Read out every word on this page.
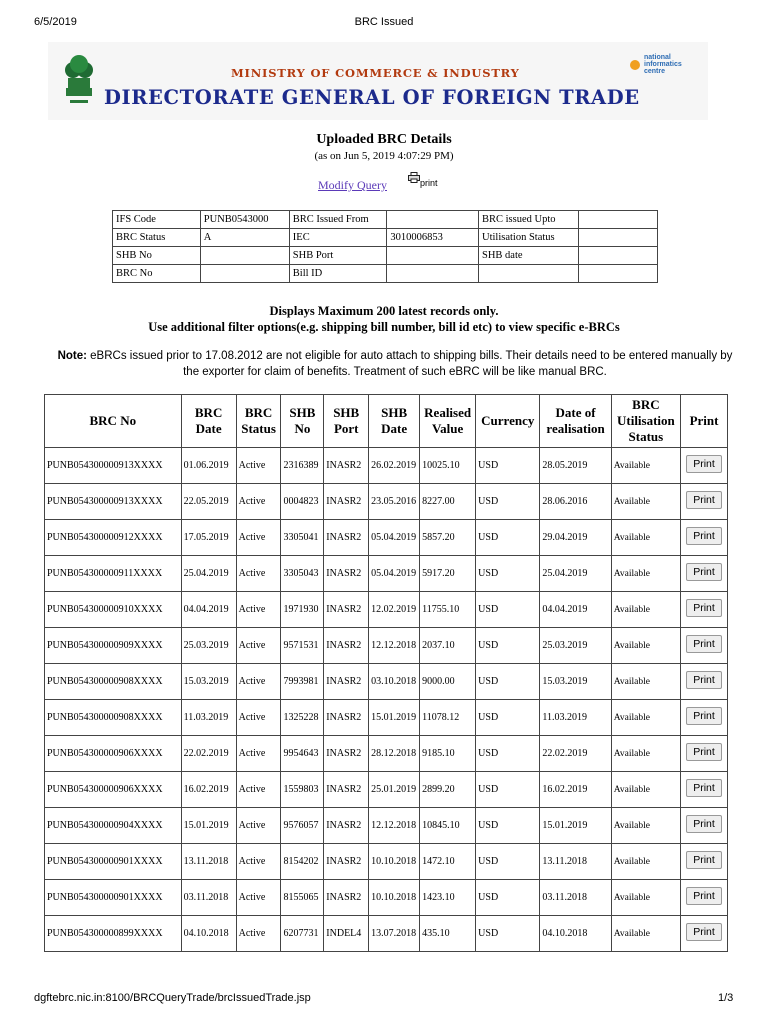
6/5/2019	BRC Issued
MINISTRY OF COMMERCE & INDUSTRY
DIRECTORATE GENERAL OF FOREIGN TRADE
national
informatics
centre
Uploaded BRC Details
(as on Jun 5, 2019 4:07:29 PM)
Modify Query	print
IFS Code	PUNB0543000	BRC Issued From		BRC issued Upto	
BRC Status	A	IEC	3010006853	Utilisation Status	
SHB No		SHB Port		SHB date	
BRC No		Bill ID			
Displays Maximum 200 latest records only.
Use additional filter options(e.g. shipping bill number, bill id etc) to view specific e-BRCs
Note: eBRCs issued prior to 17.08.2012 are not eligible for auto attach to shipping bills. Their details need to be entered manually by the exporter for claim of benefits. Treatment of such eBRC will be like manual BRC.
BRC No	BRC Date	BRC Status	SHB No	SHB Port	SHB Date	Realised Value	Currency	Date of realisation	BRC Utilisation Status	Print
PUNB054300000913XXXX	01.06.2019	Active	2316389	INASR2	26.02.2019	10025.10	USD	28.05.2019	Available	Print
PUNB054300000913XXXX	22.05.2019	Active	0004823	INASR2	23.05.2016	8227.00	USD	28.06.2016	Available	Print
PUNB054300000912XXXX	17.05.2019	Active	3305041	INASR2	05.04.2019	5857.20	USD	29.04.2019	Available	Print
PUNB054300000911XXXX	25.04.2019	Active	3305043	INASR2	05.04.2019	5917.20	USD	25.04.2019	Available	Print
PUNB054300000910XXXX	04.04.2019	Active	1971930	INASR2	12.02.2019	11755.10	USD	04.04.2019	Available	Print
PUNB054300000909XXXX	25.03.2019	Active	9571531	INASR2	12.12.2018	2037.10	USD	25.03.2019	Available	Print
PUNB054300000908XXXX	15.03.2019	Active	7993981	INASR2	03.10.2018	9000.00	USD	15.03.2019	Available	Print
PUNB054300000908XXXX	11.03.2019	Active	1325228	INASR2	15.01.2019	11078.12	USD	11.03.2019	Available	Print
PUNB054300000906XXXX	22.02.2019	Active	9954643	INASR2	28.12.2018	9185.10	USD	22.02.2019	Available	Print
PUNB054300000906XXXX	16.02.2019	Active	1559803	INASR2	25.01.2019	2899.20	USD	16.02.2019	Available	Print
PUNB054300000904XXXX	15.01.2019	Active	9576057	INASR2	12.12.2018	10845.10	USD	15.01.2019	Available	Print
PUNB054300000901XXXX	13.11.2018	Active	8154202	INASR2	10.10.2018	1472.10	USD	13.11.2018	Available	Print
PUNB054300000901XXXX	03.11.2018	Active	8155065	INASR2	10.10.2018	1423.10	USD	03.11.2018	Available	Print
PUNB054300000899XXXX	04.10.2018	Active	6207731	INDEL4	13.07.2018	435.10	USD	04.10.2018	Available	Print
dgftebrc.nic.in:8100/BRCQueryTrade/brcIssuedTrade.jsp	1/3
